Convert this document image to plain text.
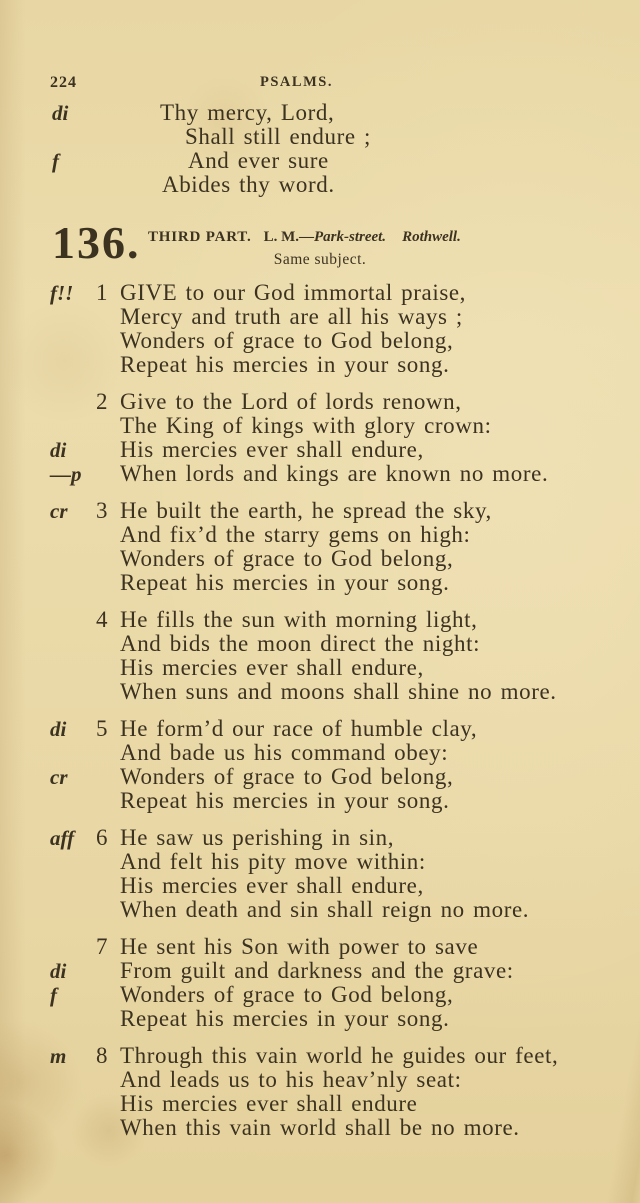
224	PSALMS.
di	Thy mercy, Lord,
Shall still endure ;
f	And ever sure
Abides thy word.
136. THIRD PART. L. M.—Park-street. Rothwell.
Same subject.
f!! 1 GIVE to our God immortal praise,
Mercy and truth are all his ways ;
Wonders of grace to God belong,
Repeat his mercies in your song.
2 Give to the Lord of lords renown,
The King of kings with glory crown:
di	His mercies ever shall endure,
—p	When lords and kings are known no more.
cr	3 He built the earth, he spread the sky,
And fix’d the starry gems on high:
Wonders of grace to God belong,
Repeat his mercies in your song.
4 He fills the sun with morning light,
And bids the moon direct the night:
His mercies ever shall endure,
When suns and moons shall shine no more.
di	5 He form’d our race of humble clay,
And bade us his command obey:
cr	Wonders of grace to God belong,
Repeat his mercies in your song.
aff 6 He saw us perishing in sin,
And felt his pity move within:
His mercies ever shall endure,
When death and sin shall reign no more.
7 He sent his Son with power to save
di	From guilt and darkness and the grave:
f	Wonders of grace to God belong,
Repeat his mercies in your song.
m	8 Through this vain world he guides our feet,
And leads us to his heav’nly seat:
His mercies ever shall endure
When this vain world shall be no more.
